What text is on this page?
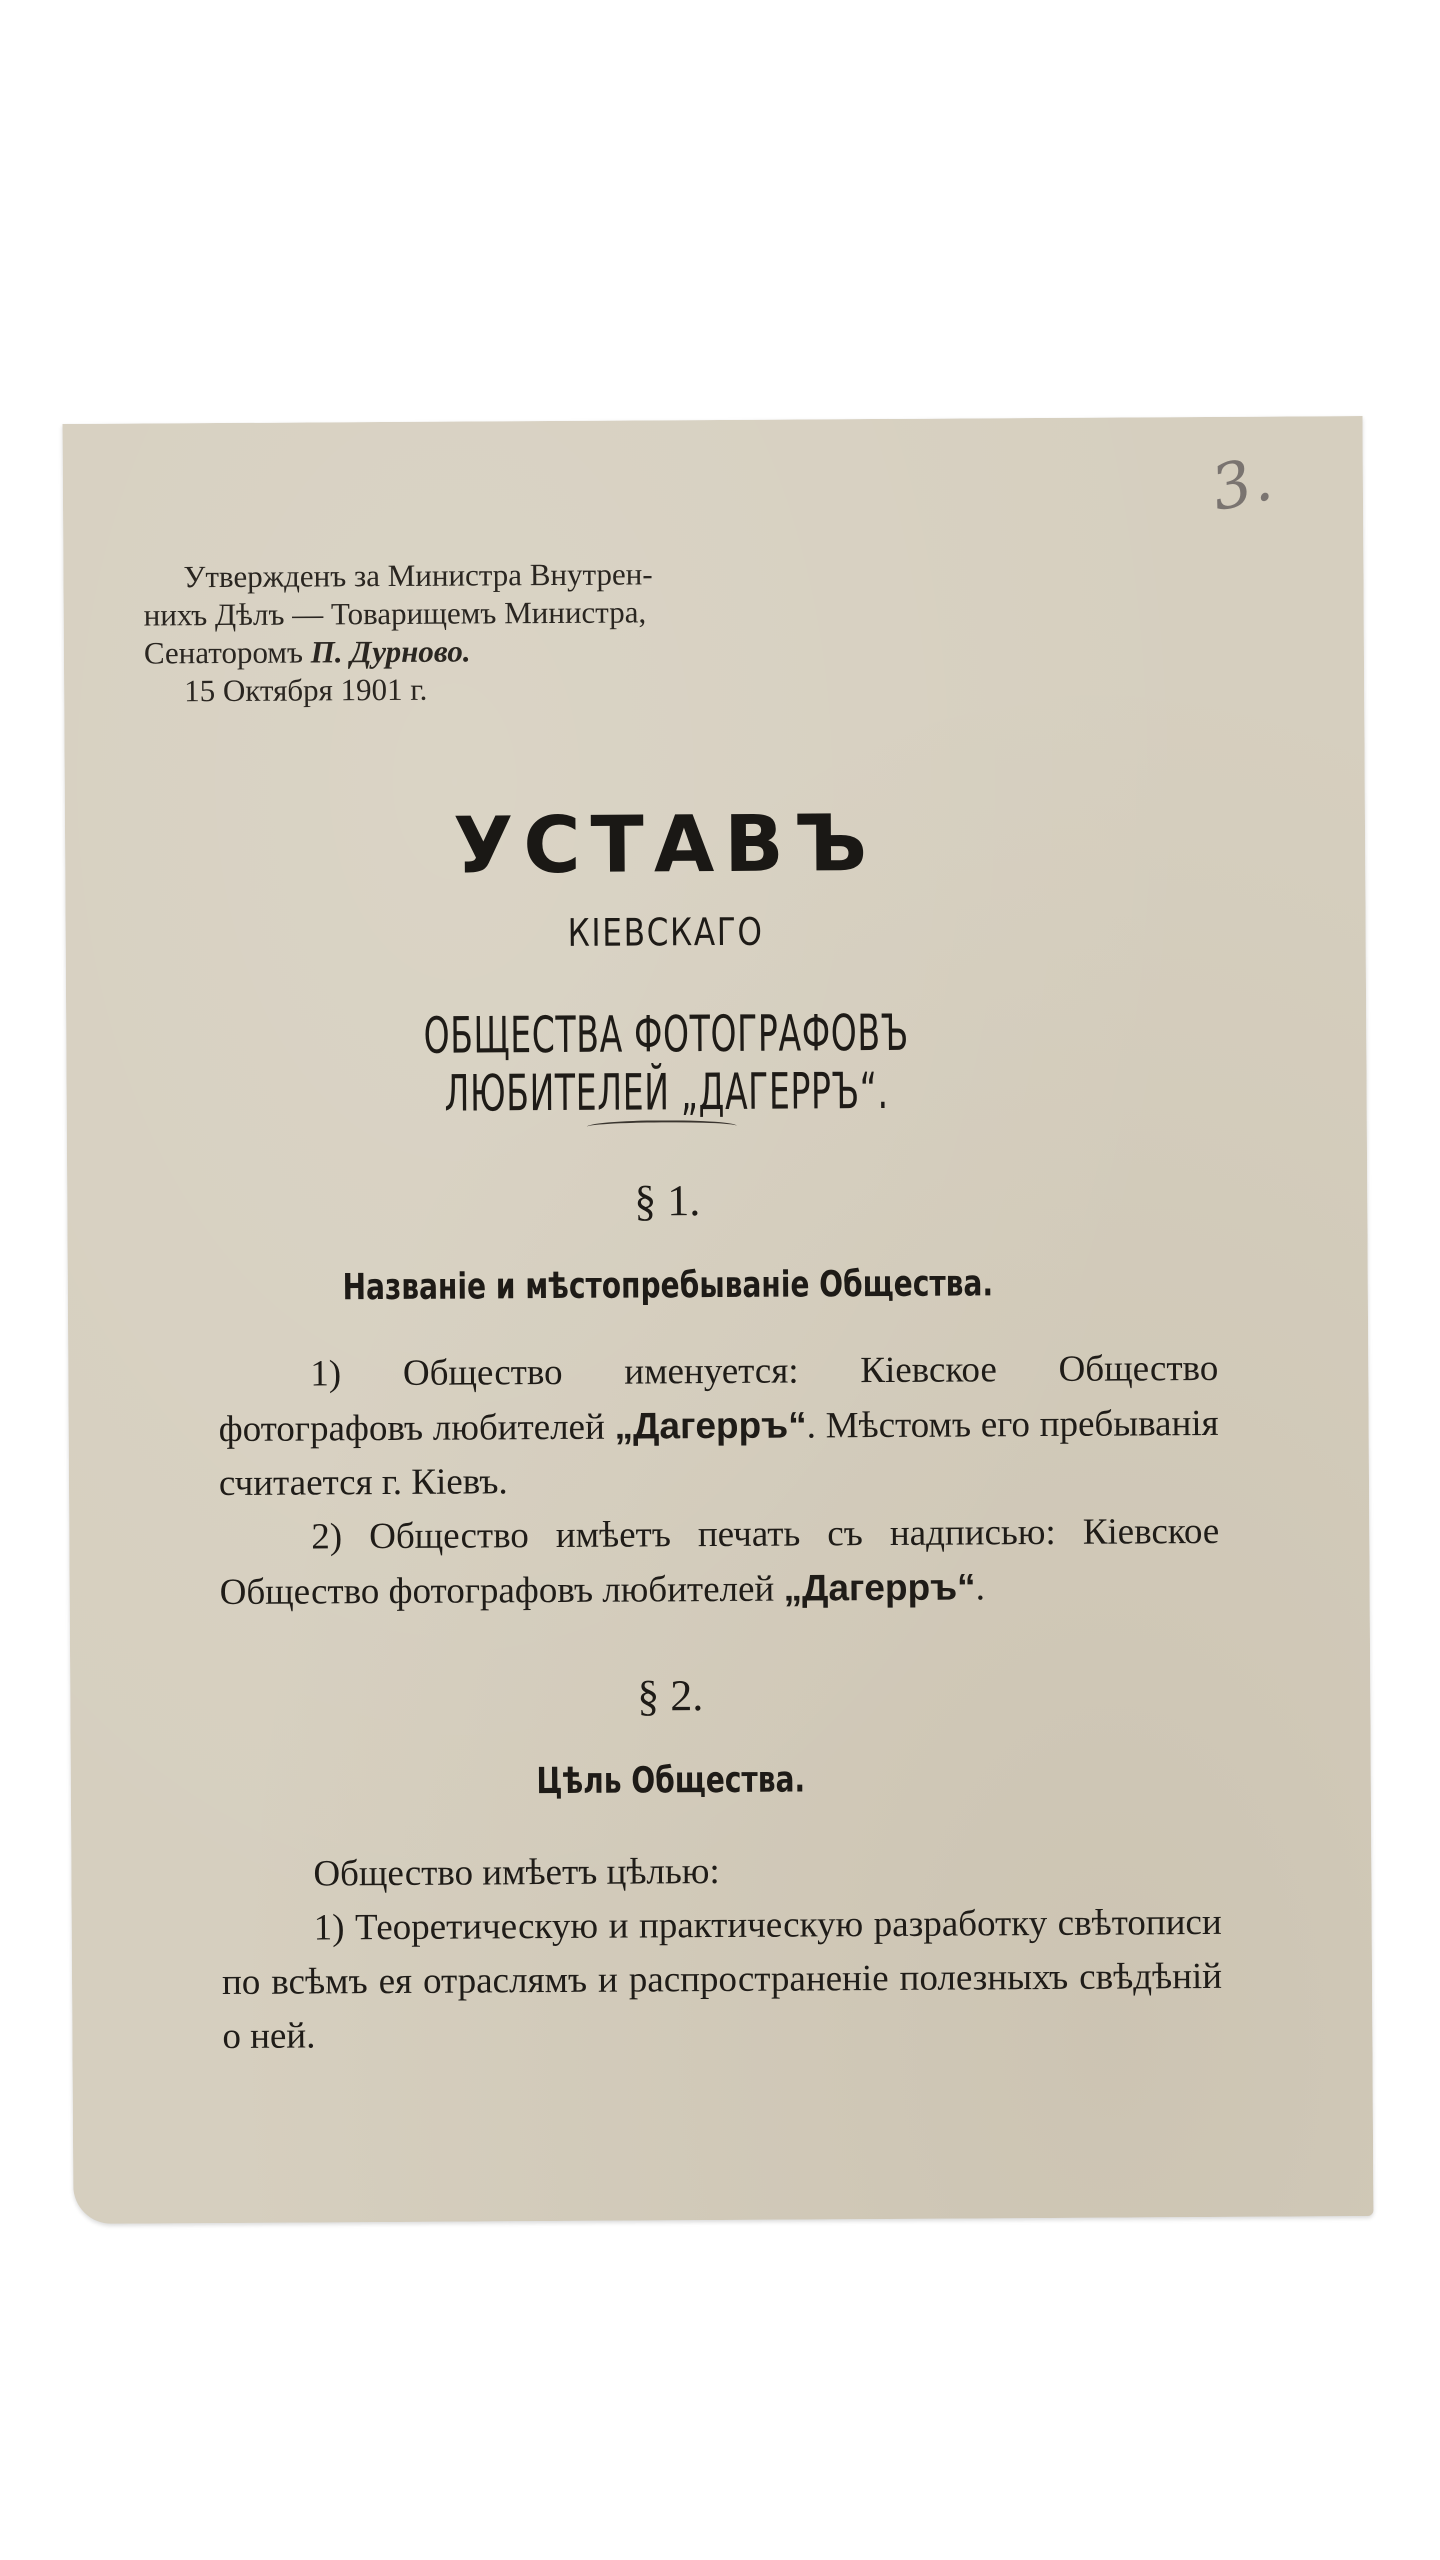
3.
Утвержденъ за Министра Внутрен-
нихъ Дѣлъ — Товарищемъ Министра,
Сенаторомъ П. Дурново.
15 Октября 1901 г.
УСТАВЪ
КІЕВСКАГО
ОБЩЕСТВА ФОТОГРАФОВЪ ЛЮБИТЕЛЕЙ „ДАГЕРРЪ“.
§ 1.
Названіе и мѣстопребываніе Общества.

1) Общество именуется: Кіевское Общество фотографовъ любителей „Дагерръ“. Мѣстомъ его пребыванія считается г. Кіевъ.

2) Общество имѣетъ печать съ надписью: Кіевское Общество фотографовъ любителей „Дагерръ“.

§ 2.
Цѣль Общества.

Общество имѣетъ цѣлью:

1) Теоретическую и практическую разработку свѣтописи по всѣмъ ея отраслямъ и распространеніе полезныхъ свѣдѣній о ней.
